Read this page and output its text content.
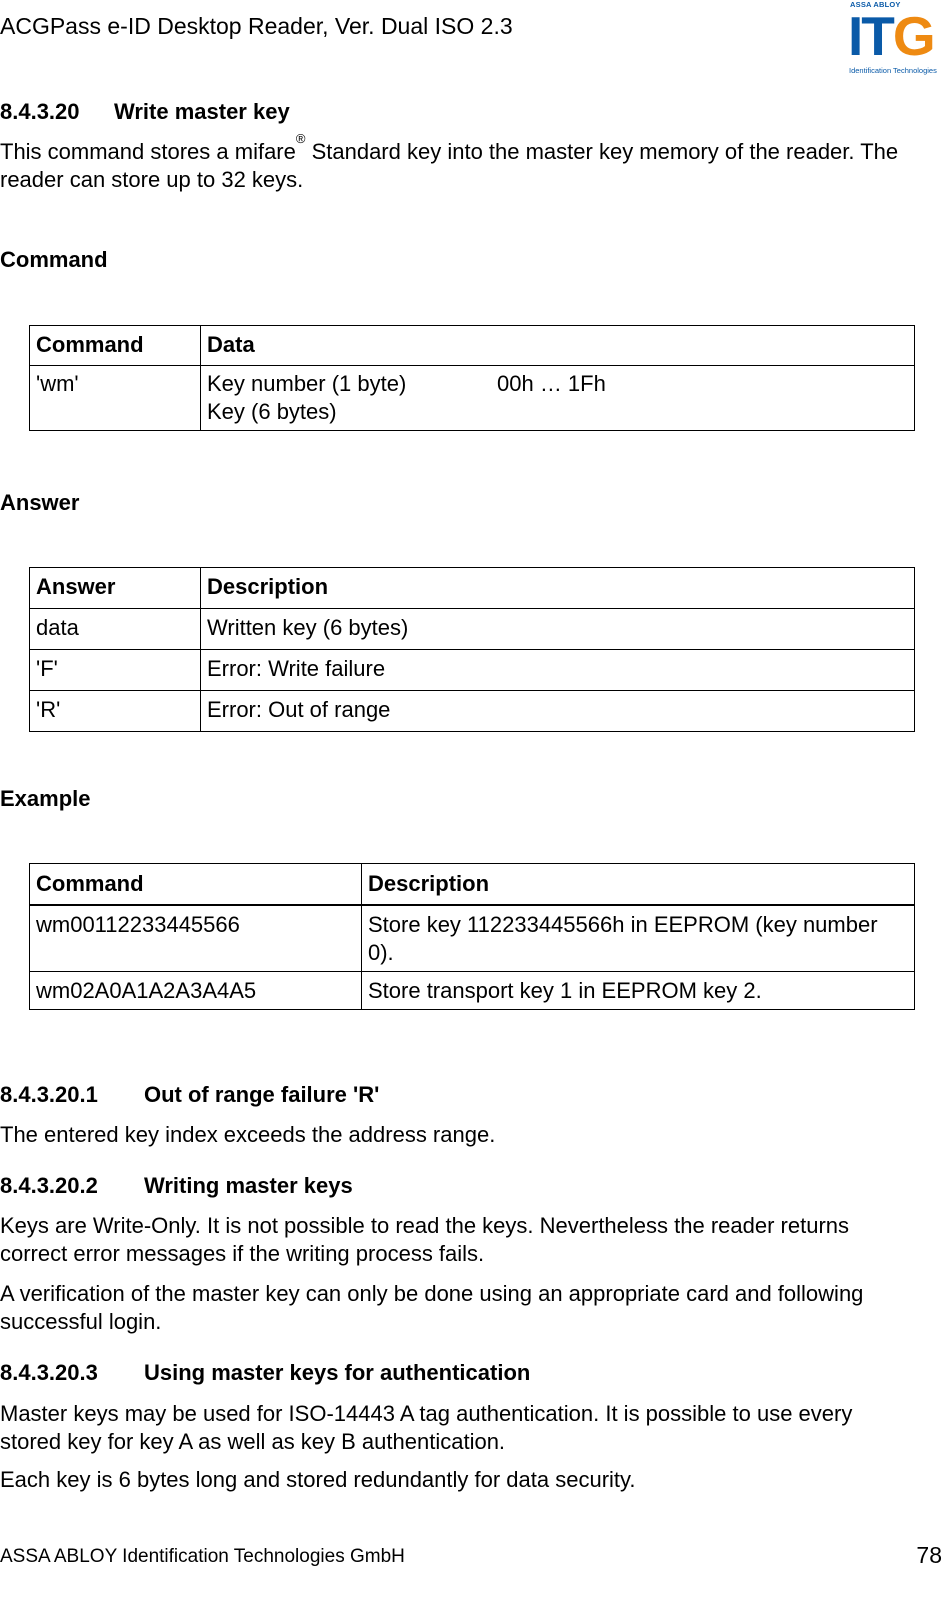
ACGPass e-ID Desktop Reader, Ver. Dual ISO 2.3
ASSA ABLOY
ITG
Identification Technologies
8.4.3.20 Write master key
This command stores a mifare® Standard key into the master key memory of the reader. The reader can store up to 32 keys.
Command
Command	Data
'wm'	Key number (1 byte) 00h … 1Fh
Key (6 bytes)
Answer
Answer	Description
data	Written key (6 bytes)
'F'	Error: Write failure
'R'	Error: Out of range
Example
Command	Description
wm00112233445566	Store key 112233445566h in EEPROM (key number 0).
wm02A0A1A2A3A4A5	Store transport key 1 in EEPROM key 2.
8.4.3.20.1 Out of range failure 'R'
The entered key index exceeds the address range.
8.4.3.20.2 Writing master keys
Keys are Write-Only. It is not possible to read the keys. Nevertheless the reader returns correct error messages if the writing process fails.
A verification of the master key can only be done using an appropriate card and following successful login.
8.4.3.20.3 Using master keys for authentication
Master keys may be used for ISO-14443 A tag authentication. It is possible to use every stored key for key A as well as key B authentication.
Each key is 6 bytes long and stored redundantly for data security.
ASSA ABLOY Identification Technologies GmbH	78
